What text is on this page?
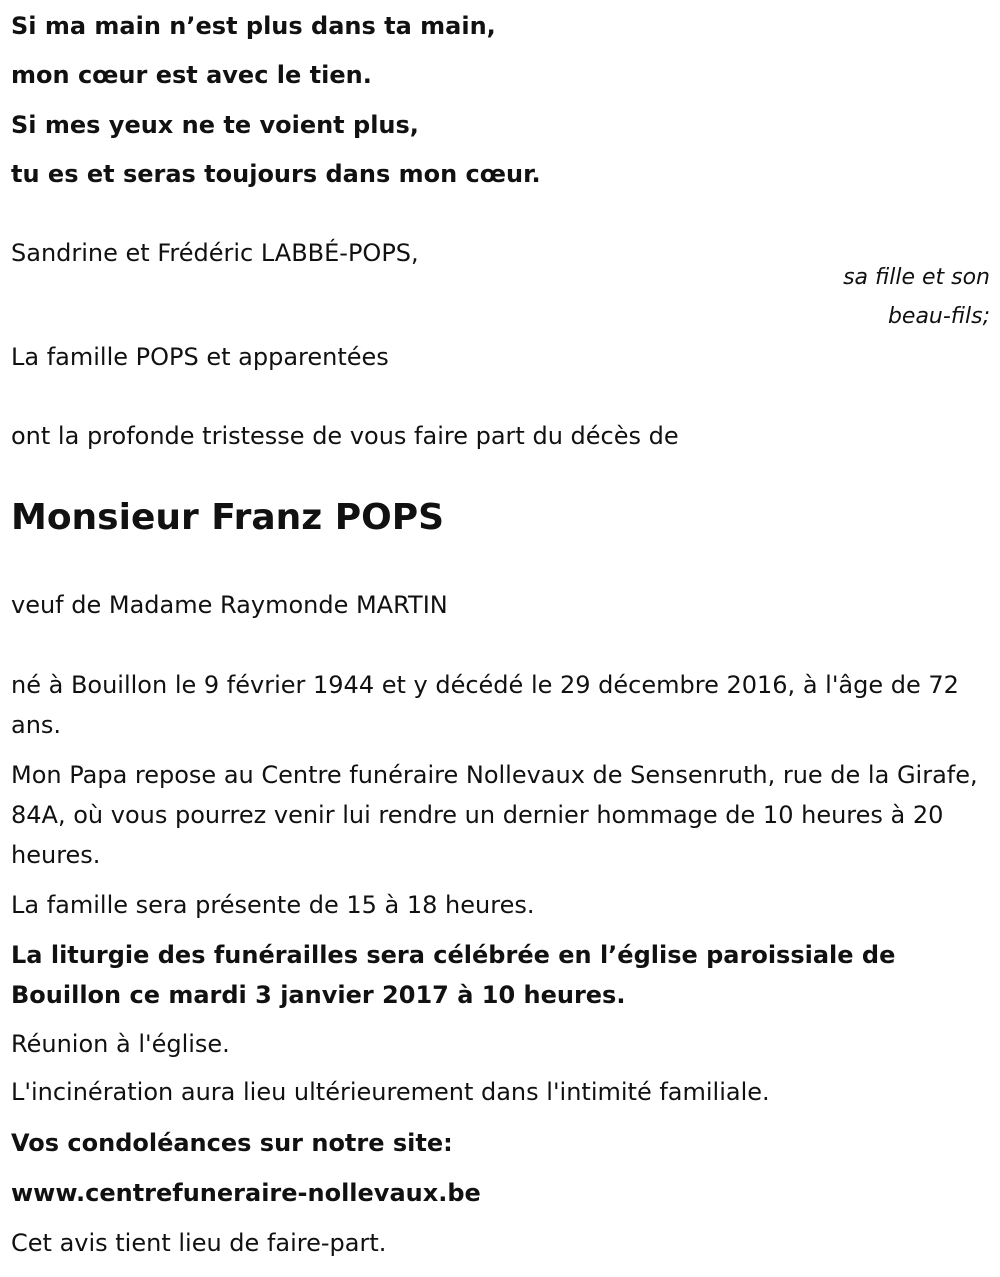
Si ma main n’est plus dans ta main,

mon cœur est avec le tien.

Si mes yeux ne te voient plus,

tu es et seras toujours dans mon cœur.

Sandrine et Frédéric LABBÉ-POPS,

sa fille et son

beau-fils;

La famille POPS et apparentées

ont la profonde tristesse de vous faire part du décès de

Monsieur Franz POPS

veuf de Madame Raymonde MARTIN

né à Bouillon le 9 février 1944 et y décédé le 29 décembre 2016, à l'âge de 72 ans.

Mon Papa repose au Centre funéraire Nollevaux de Sensenruth, rue de la Girafe, 84A, où vous pourrez venir lui rendre un dernier hommage de 10 heures à 20 heures.

La famille sera présente de 15 à 18 heures.

La liturgie des funérailles sera célébrée en l’église paroissiale de Bouillon ce mardi 3 janvier 2017 à 10 heures.

Réunion à l'église.

L'incinération aura lieu ultérieurement dans l'intimité familiale.

Vos condoléances sur notre site:

www.centrefuneraire-nollevaux.be

Cet avis tient lieu de faire-part.
